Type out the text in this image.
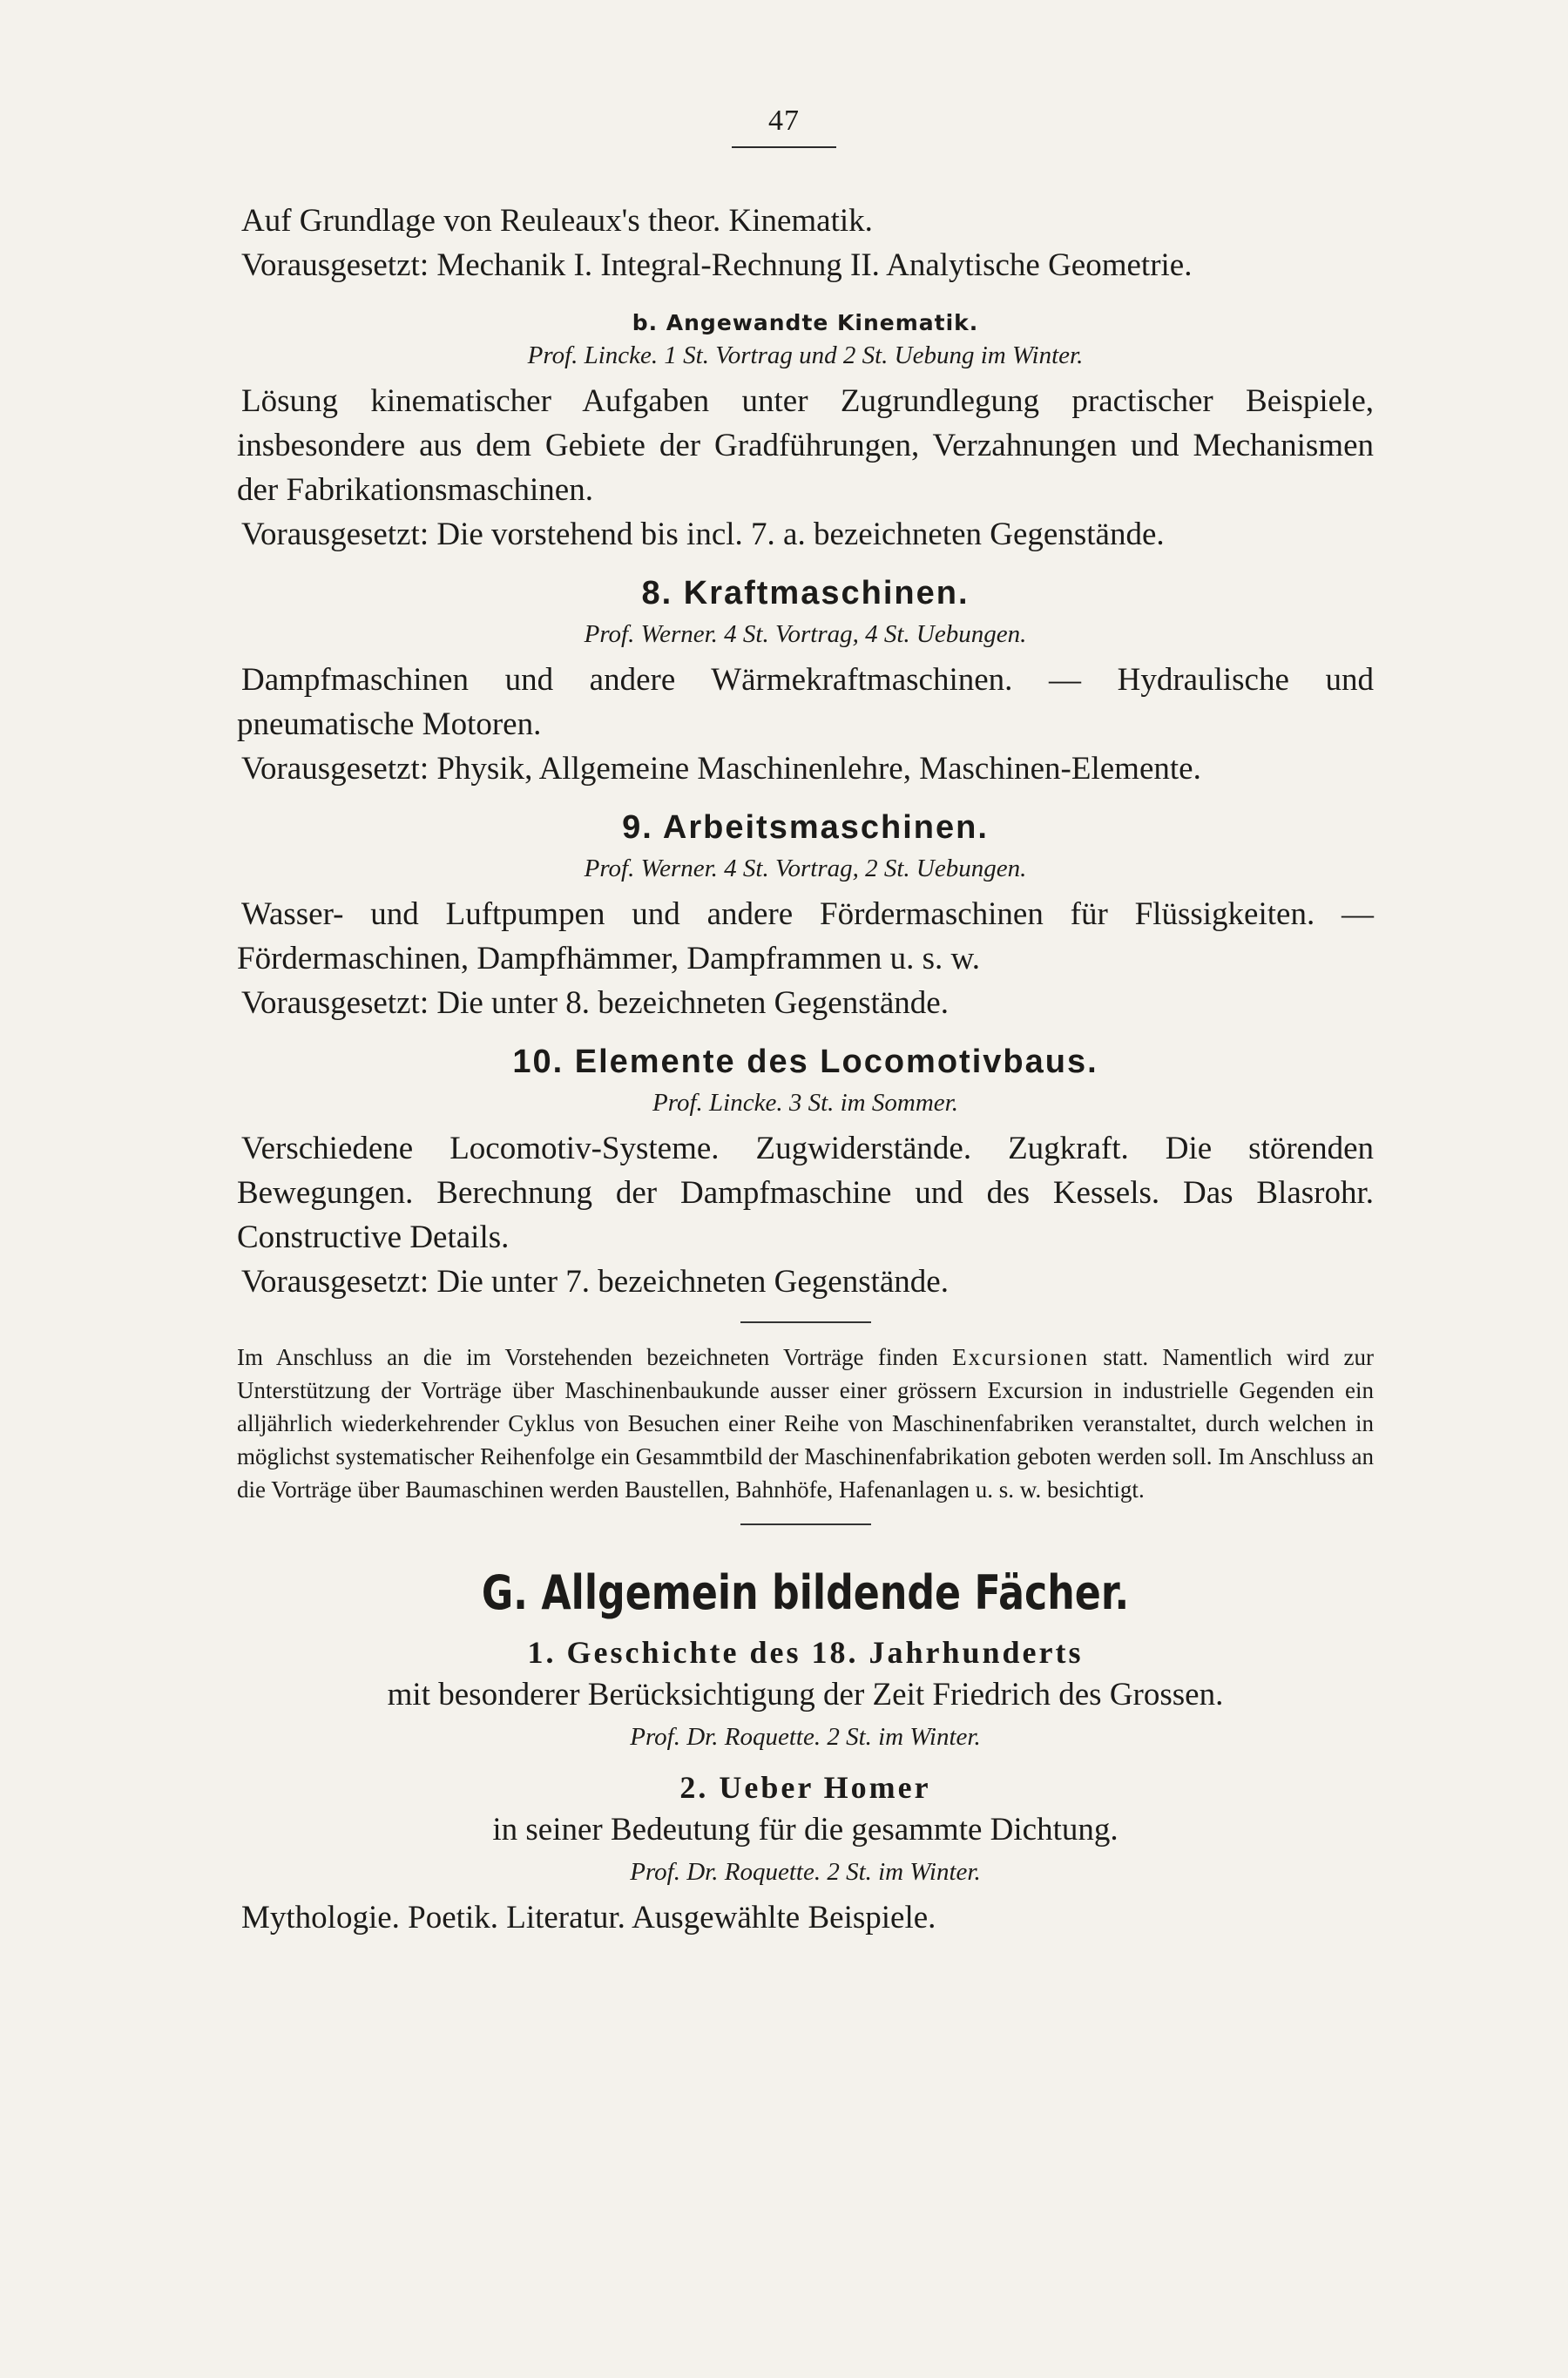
47

Auf Grundlage von Reuleaux's theor. Kinematik.

Vorausgesetzt: Mechanik I. Integral-Rechnung II. Analytische Geometrie.

b. Angewandte Kinematik.

Prof. Lincke. 1 St. Vortrag und 2 St. Uebung im Winter.

Lösung kinematischer Aufgaben unter Zugrundlegung practischer Beispiele, insbesondere aus dem Gebiete der Gradführungen, Verzahnungen und Mechanismen der Fabrikationsmaschinen.

Vorausgesetzt: Die vorstehend bis incl. 7. a. bezeichneten Gegenstände.

8. Kraftmaschinen.

Prof. Werner. 4 St. Vortrag, 4 St. Uebungen.

Dampfmaschinen und andere Wärmekraftmaschinen. — Hydraulische und pneumatische Motoren.

Vorausgesetzt: Physik, Allgemeine Maschinenlehre, Maschinen-Elemente.

9. Arbeitsmaschinen.

Prof. Werner. 4 St. Vortrag, 2 St. Uebungen.

Wasser- und Luftpumpen und andere Fördermaschinen für Flüssigkeiten. — Fördermaschinen, Dampfhämmer, Dampframmen u. s. w.

Vorausgesetzt: Die unter 8. bezeichneten Gegenstände.

10. Elemente des Locomotivbaus.

Prof. Lincke. 3 St. im Sommer.

Verschiedene Locomotiv-Systeme. Zugwiderstände. Zugkraft. Die störenden Bewegungen. Berechnung der Dampfmaschine und des Kessels. Das Blasrohr. Constructive Details.

Vorausgesetzt: Die unter 7. bezeichneten Gegenstände.

Im Anschluss an die im Vorstehenden bezeichneten Vorträge finden Excursionen statt. Namentlich wird zur Unterstützung der Vorträge über Maschinenbaukunde ausser einer grössern Excursion in industrielle Gegenden ein alljährlich wiederkehrender Cyklus von Besuchen einer Reihe von Maschinenfabriken veranstaltet, durch welchen in möglichst systematischer Reihenfolge ein Gesammtbild der Maschinenfabrikation geboten werden soll. Im Anschluss an die Vorträge über Baumaschinen werden Baustellen, Bahnhöfe, Hafenanlagen u. s. w. besichtigt.

G. Allgemein bildende Fächer.

1. Geschichte des 18. Jahrhunderts

mit besonderer Berücksichtigung der Zeit Friedrich des Grossen.

Prof. Dr. Roquette. 2 St. im Winter.

2. Ueber Homer

in seiner Bedeutung für die gesammte Dichtung.

Prof. Dr. Roquette. 2 St. im Winter.

Mythologie. Poetik. Literatur. Ausgewählte Beispiele.
